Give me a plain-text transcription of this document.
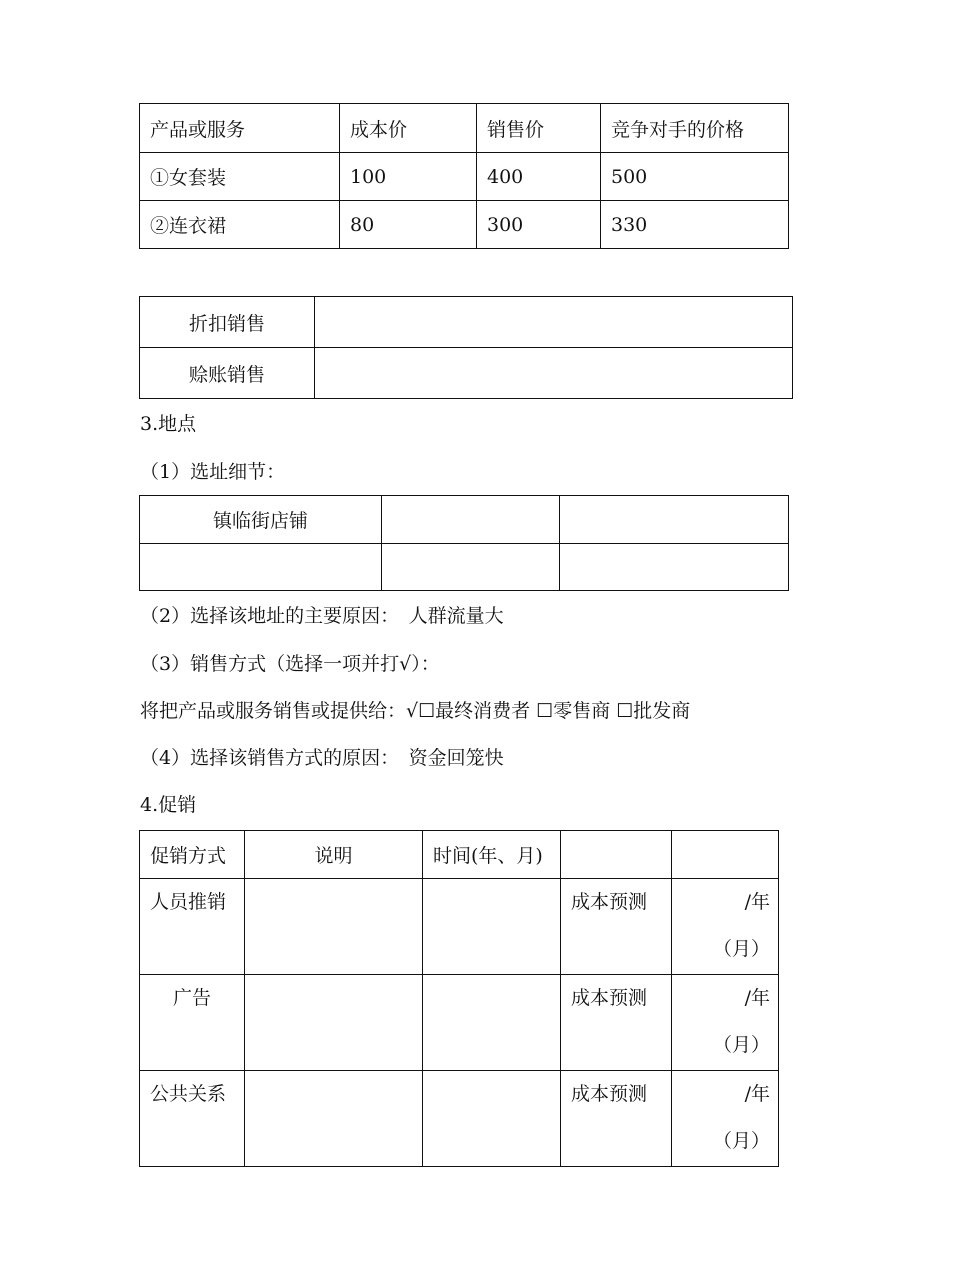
产品或服务	成本价	销售价	竞争对手的价格
①女套装	100	400	500
②连衣裙	80	300	330
折扣销售	
赊账销售	
3.地点
（1）选址细节：
镇临街店铺		

（2）选择该地址的主要原因：　人群流量大
（3）销售方式（选择一项并打√）：
将把产品或服务销售或提供给：√☐最终消费者 ☐零售商 ☐批发商
（4）选择该销售方式的原因：　资金回笼快
4.促销
促销方式	说明	时间(年、月)		
人员推销			成本预测	/年
（月）

广告			成本预测	/年
（月）

公共关系			成本预测	/年
（月）
